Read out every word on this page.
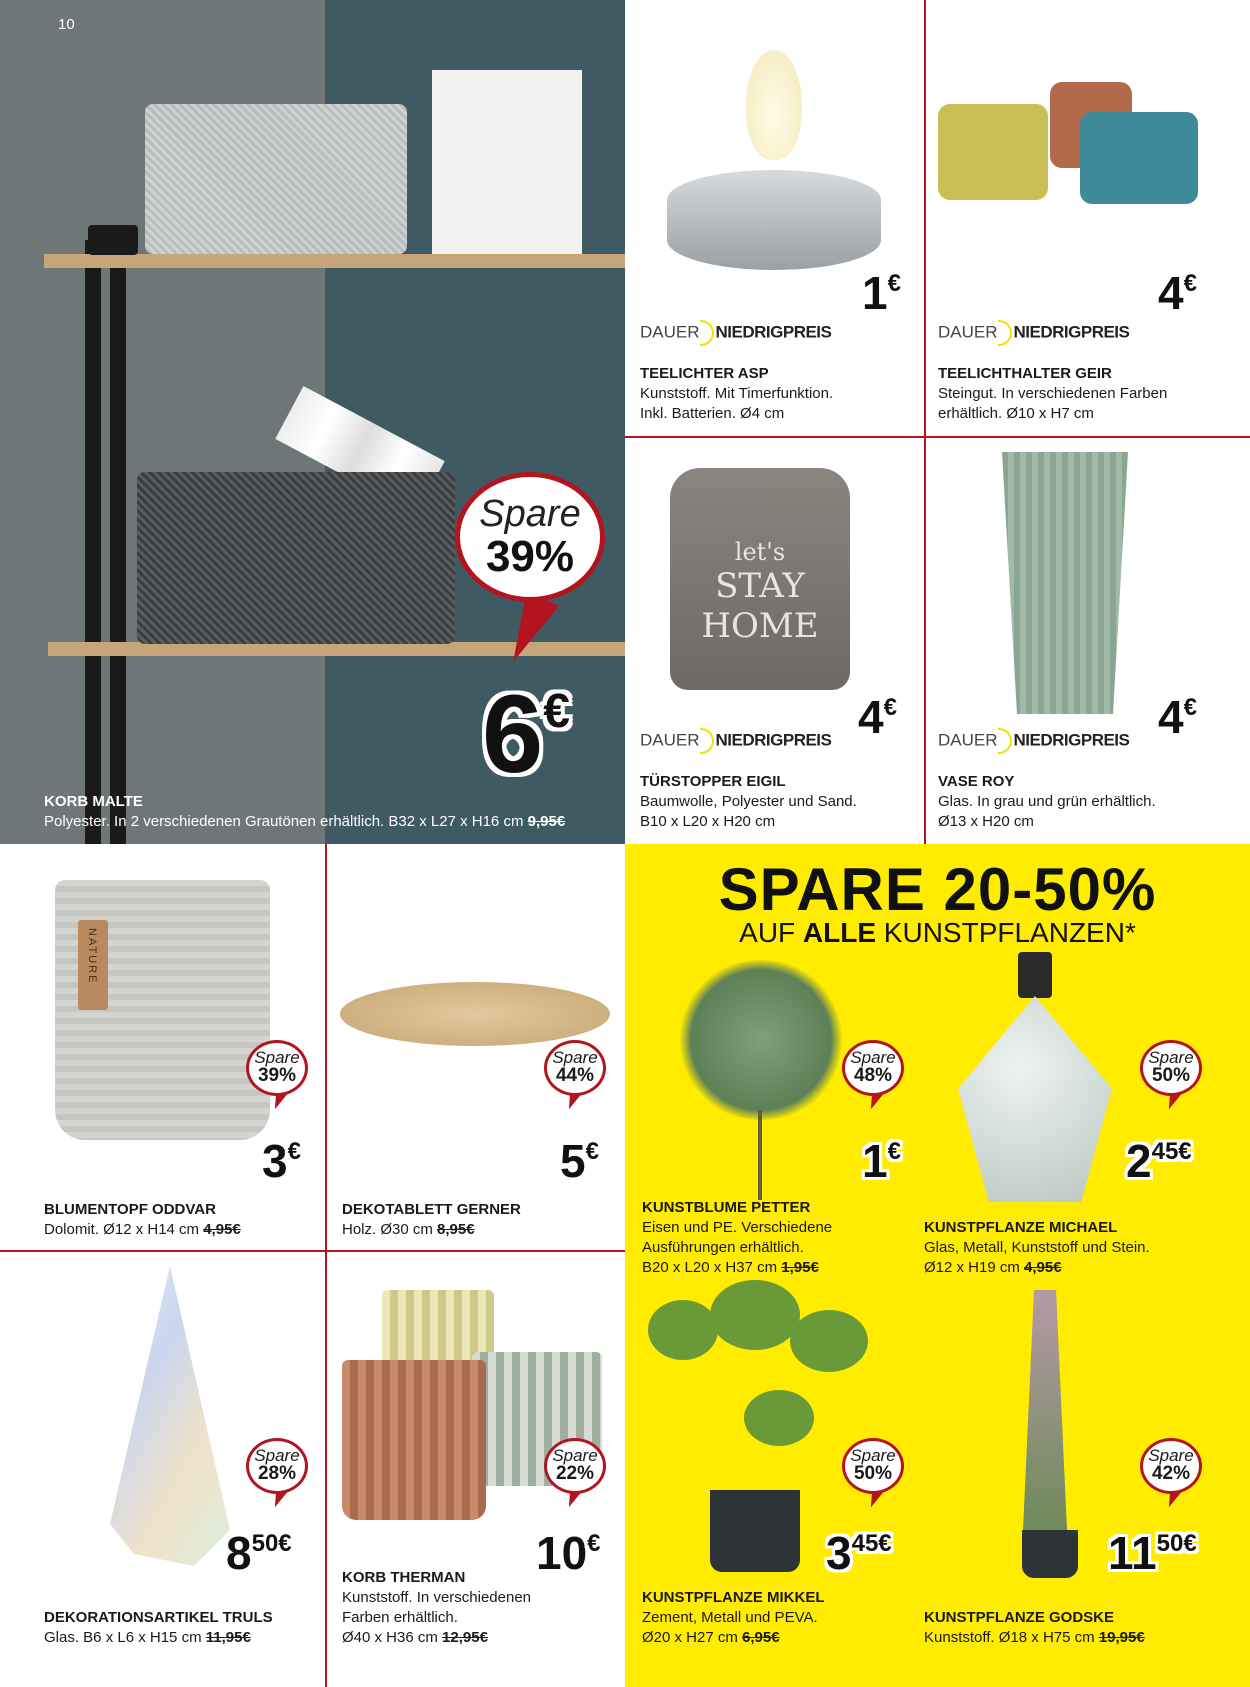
10
Spare
39%
6€
KORB MALTE
Polyester. In 2 verschiedenen Grautönen erhältlich. B32 x L27 x H16 cm 9,95€
1€
DAUER NIEDRIGPREIS
TEELICHTER ASP
Kunststoff. Mit Timerfunktion.
Inkl. Batterien. Ø4 cm
4€
DAUER NIEDRIGPREIS
TEELICHTHALTER GEIR
Steingut. In verschiedenen Farben
erhältlich. Ø10 x H7 cm
let's
STAY
HOME
4€
DAUER NIEDRIGPREIS
TÜRSTOPPER EIGIL
Baumwolle, Polyester und Sand.
B10 x L20 x H20 cm
4€
DAUER NIEDRIGPREIS
VASE ROY
Glas. In grau und grün erhältlich.
Ø13 x H20 cm
NATURE
Spare
39%
3€
BLUMENTOPF ODDVAR
Dolomit. Ø12 x H14 cm 4,95€
Spare
44%
5€
DEKOTABLETT GERNER
Holz. Ø30 cm 8,95€
Spare
28%
$8^{50€}$
DEKORATIONSARTIKEL TRULS
Glas. B6 x L6 x H15 cm 11,95€
Spare
22%
10€
KORB THERMAN
Kunststoff. In verschiedenen
Farben erhältlich.
Ø40 x H36 cm 12,95€
SPARE 20-50%
AUF ALLE KUNSTPFLANZEN*
Spare
48%
1€
KUNSTBLUME PETTER
Eisen und PE. Verschiedene
Ausführungen erhältlich.
B20 x L20 x H37 cm 1,95€
Spare
50%
$2^{45€}$
KUNSTPFLANZE MICHAEL
Glas, Metall, Kunststoff und Stein.
Ø12 x H19 cm 4,95€
Spare
50%
$3^{45€}$
KUNSTPFLANZE MIKKEL
Zement, Metall und PEVA.
Ø20 x H27 cm 6,95€
Spare
42%
$11^{50€}$
KUNSTPFLANZE GODSKE
Kunststoff. Ø18 x H75 cm 19,95€
